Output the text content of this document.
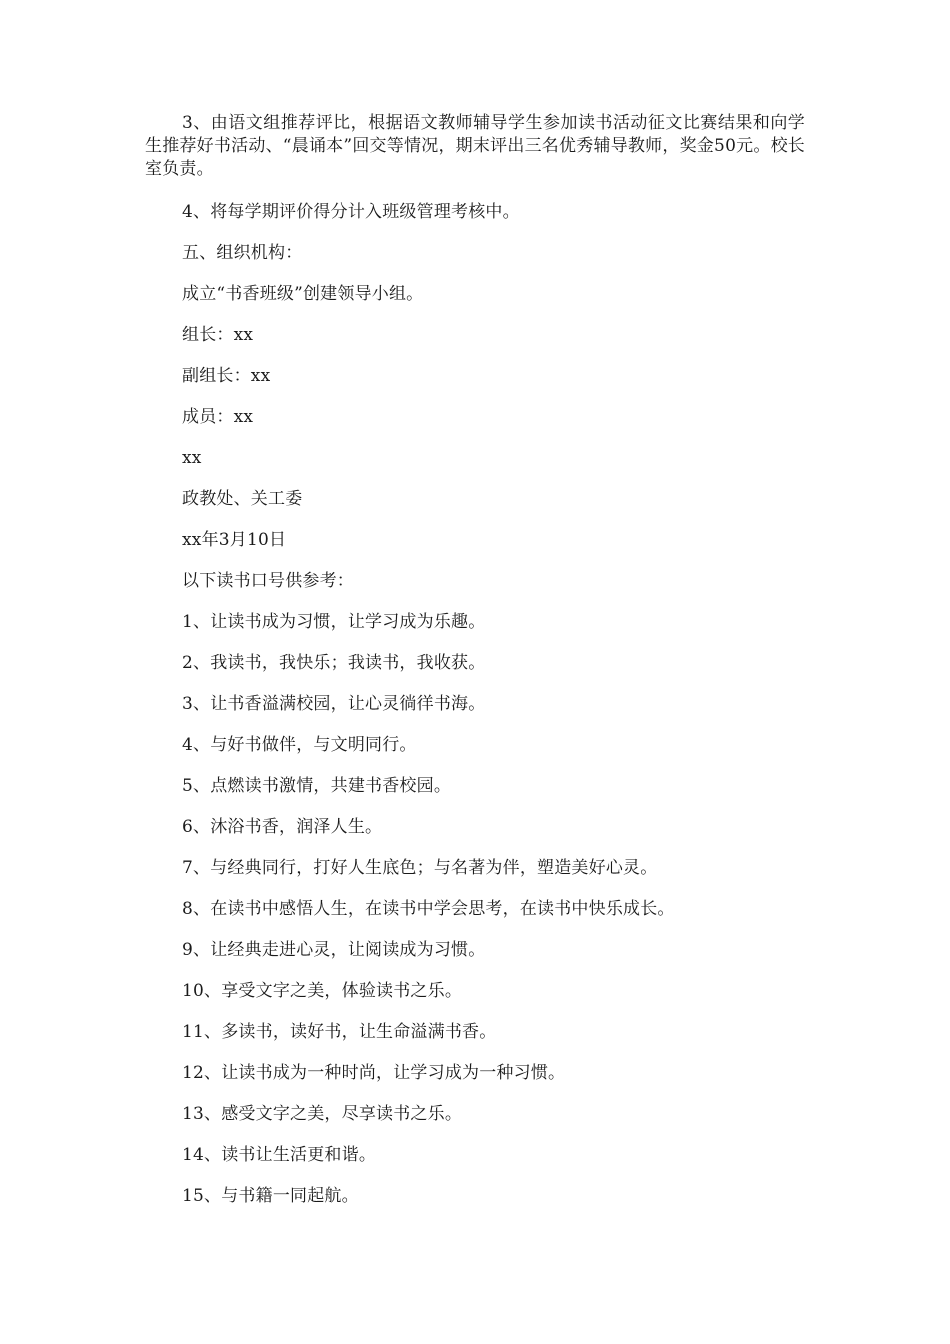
3、由语文组推荐评比，根据语文教师辅导学生参加读书活动征文比赛结果和向学生推荐好书活动、“晨诵本”回交等情况，期末评出三名优秀辅导教师，奖金50元。校长室负责。

4、将每学期评价得分计入班级管理考核中。
五、组织机构：
成立“书香班级”创建领导小组。
组长：xx
副组长：xx
成员：xx
xx
政教处、关工委
xx年3月10日
以下读书口号供参考：
1、让读书成为习惯，让学习成为乐趣。
2、我读书，我快乐；我读书，我收获。
3、让书香溢满校园，让心灵徜徉书海。
4、与好书做伴，与文明同行。
5、点燃读书激情，共建书香校园。
6、沐浴书香，润泽人生。
7、与经典同行，打好人生底色；与名著为伴，塑造美好心灵。
8、在读书中感悟人生，在读书中学会思考，在读书中快乐成长。
9、让经典走进心灵，让阅读成为习惯。
10、享受文字之美，体验读书之乐。
11、多读书，读好书，让生命溢满书香。
12、让读书成为一种时尚，让学习成为一种习惯。
13、感受文字之美，尽享读书之乐。
14、读书让生活更和谐。
15、与书籍一同起航。
